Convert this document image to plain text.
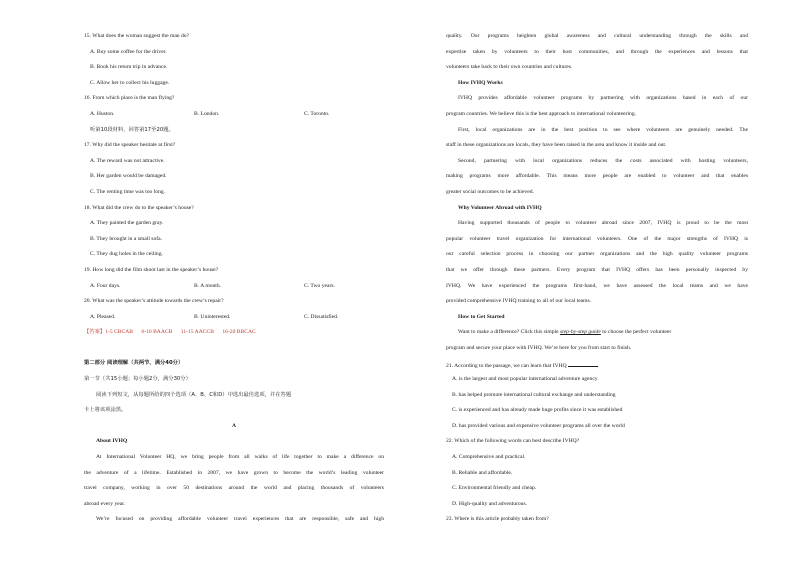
15. What does the woman suggest the man do?
A. Buy some coffee for the driver.
B. Book his return trip in advance.
C. Allow her to collect his luggage.
16. From which place is the man flying?
A. Huston.	B. London.	C. Toronto.
听第10段材料，回答第17至20题。
17. Why did the speaker hesitate at first?
A. The reward was not attractive.
B. Her garden would be damaged.
C. The renting time was too long.
18. What did the crew do to the speaker’s house?
A. They painted the garden gray.
B. They brought in a small sofa.
C. They dug holes in the ceiling.
19. How long did the film shoot last in the speaker’s house?
A. Four days.	B. A month.	C. Two years.
20. What was the speaker’s attitude towards the crew’s repair?
A. Pleased.	B. Uninterested.	C. Dissatisfied.
【答案】1-5 CBCAB      6-10 BAACB      11-15 AACCB      16-20 BBCAC
第二部分 阅读理解（共两节，满分40分）
第一节（共15小题；每小题2分，满分30分）
阅读下列短文，从每题所给的四个选项（A、B、C和D）中选出最佳选项，并在答题
卡上将该项涂黑。
A
About IVHQ
At International Volunteer HQ, we bring people from all walks of life together to make a difference on
the adventure of a lifetime. Established in 2007, we have grown to become the world’s leading volunteer
travel company, working in over 50 destinations around the world and placing thousands of volunteers
abroad every year.
We’re focused on providing affordable volunteer travel experiences that are responsible, safe and high
quality. Our programs heighten global awareness and cultural understanding through the skills and
expertise taken by volunteers to their host communities, and through the experiences and lessons that
volunteers take back to their own countries and cultures.
How IVHQ Works
IVHQ provides affordable volunteer programs by partnering with organizations based in each of our
program countries. We believe this is the best approach to international volunteering.
First, local organizations are in the best position to see where volunteers are genuinely needed. The
staff in these organizations are locals, they have been raised in the area and know it inside and out.
Second, partnering with local organizations reduces the costs associated with hosting volunteers,
making programs more affordable. This means more people are enabled to volunteer and that enables
greater social outcomes to be achieved.
Why Volunteer Abroad with IVHQ
Having supported thousands of people to volunteer abroad since 2007, IVHQ is proud to be the most
popular volunteer travel organization for international volunteers. One of the major strengths of IVHQ is
our careful selection process in choosing our partner organizations and the high quality volunteer programs
that we offer through these partners. Every program that IVHQ offers has been personally inspected by
IVHQ. We have experienced the programs first-hand, we have assessed the local teams and we have
provided comprehensive IVHQ training to all of our local teams.
How to Get Started
Want to make a difference? Click this simple step-by-step guide to choose the perfect volunteer
program and secure your place with IVHQ. We’re here for you from start to finish.
21. According to the passage, we can learn that IVHQ
A. is the largest and most popular international adventure agency
B. has helped promote international cultural exchange and understanding
C. is experienced and has already made huge profits since it was established
D. has provided various and expensive volunteer programs all over the world
22. Which of the following words can best describe IVHQ?
A. Comprehensive and practical.
B. Reliable and affordable.
C. Environmental friendly and cheap.
D. High-quality and adventurous.
23. Where is this article probably taken from?
